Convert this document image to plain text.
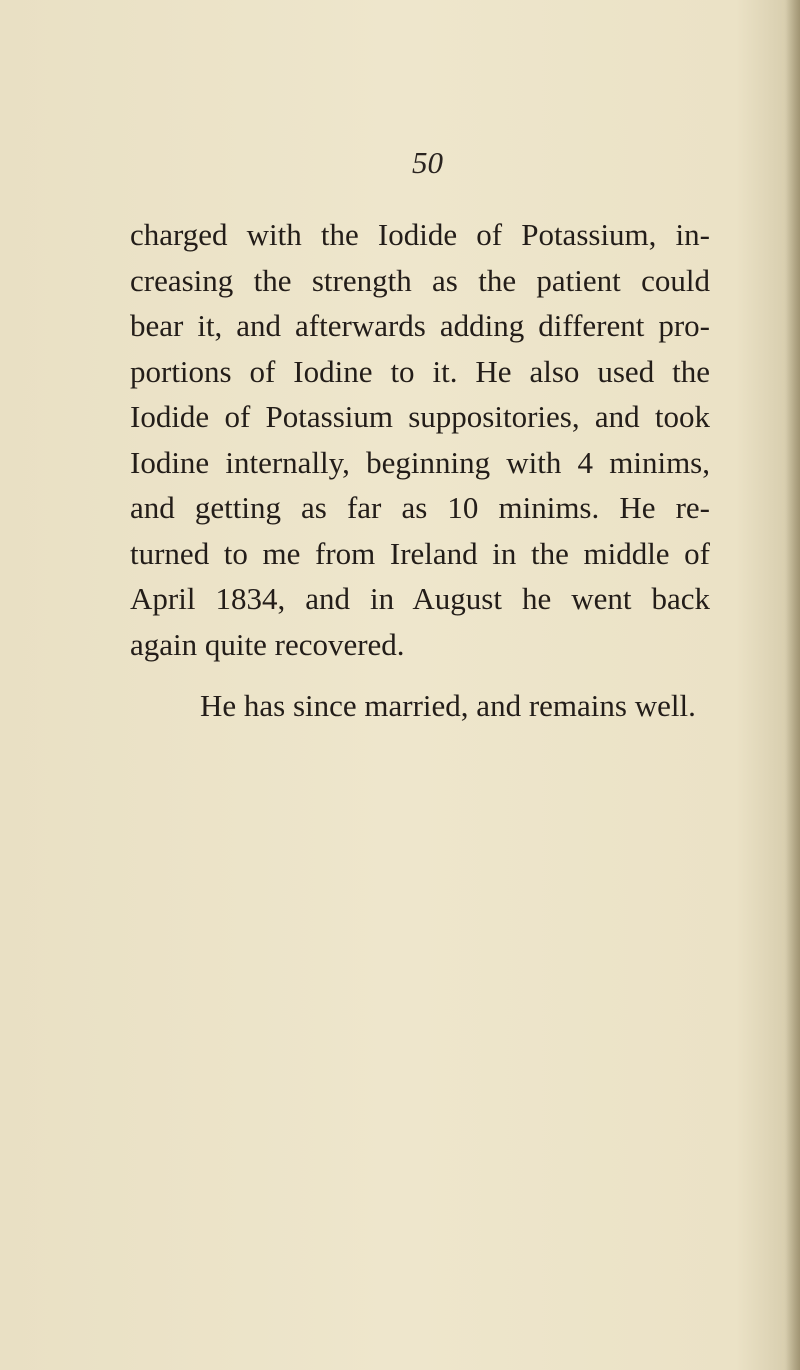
50

charged with the Iodide of Potassium, in-
creasing the strength as the patient could
bear it, and afterwards adding different pro-
portions of Iodine to it. He also used the
Iodide of Potassium suppositories, and took
Iodine internally, beginning with 4 minims,
and getting as far as 10 minims. He re-
turned to me from Ireland in the middle of
April 1834, and in August he went back
again quite recovered.
He has since married, and remains well.
